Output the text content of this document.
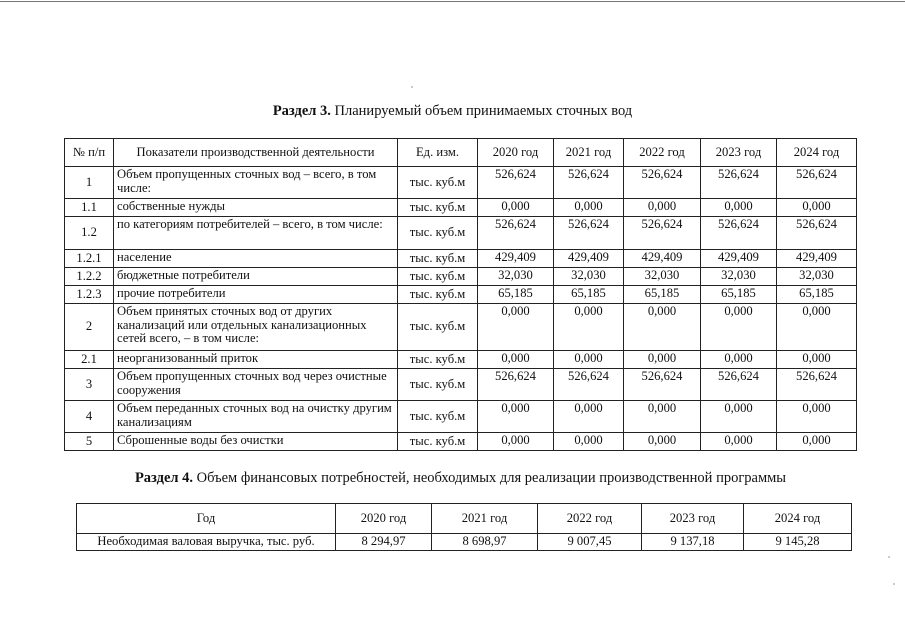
Раздел 3. Планируемый объем принимаемых сточных вод
№ п/п	Показатели производственной деятельности	Ед. изм.	2020 год	2021 год	2022 год	2023 год	2024 год
1	Объем пропущенных сточных вод – всего, в том числе:	тыс. куб.м	526,624	526,624	526,624	526,624	526,624
1.1	собственные нужды	тыс. куб.м	0,000	0,000	0,000	0,000	0,000
1.2	по категориям потребителей – всего, в том числе:	тыс. куб.м	526,624	526,624	526,624	526,624	526,624
1.2.1	население	тыс. куб.м	429,409	429,409	429,409	429,409	429,409
1.2.2	бюджетные потребители	тыс. куб.м	32,030	32,030	32,030	32,030	32,030
1.2.3	прочие потребители	тыс. куб.м	65,185	65,185	65,185	65,185	65,185
2	Объем принятых сточных вод от других канализаций или отдельных канализационных сетей всего, – в том числе:	тыс. куб.м	0,000	0,000	0,000	0,000	0,000
2.1	неорганизованный приток	тыс. куб.м	0,000	0,000	0,000	0,000	0,000
3	Объем пропущенных сточных вод через очистные сооружения	тыс. куб.м	526,624	526,624	526,624	526,624	526,624
4	Объем переданных сточных вод на очистку другим канализациям	тыс. куб.м	0,000	0,000	0,000	0,000	0,000
5	Сброшенные воды без очистки	тыс. куб.м	0,000	0,000	0,000	0,000	0,000
Раздел 4. Объем финансовых потребностей, необходимых для реализации производственной программы
Год	2020 год	2021 год	2022 год	2023 год	2024 год
Необходимая валовая выручка, тыс. руб.	8 294,97	8 698,97	9 007,45	9 137,18	9 145,28
